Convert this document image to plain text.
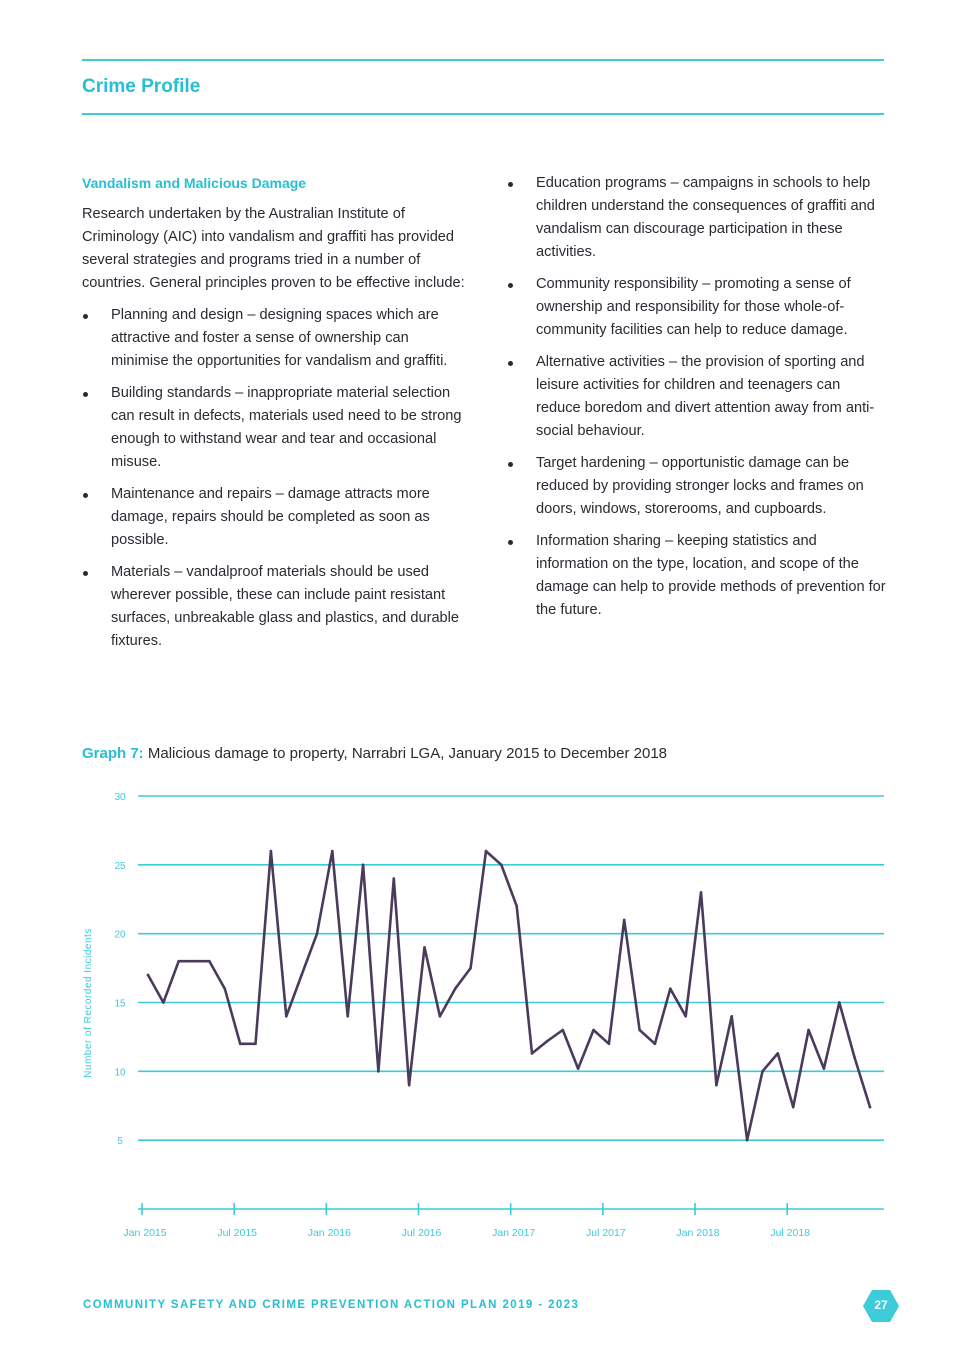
Crime Profile
Vandalism and Malicious Damage

Research undertaken by the Australian Institute of Criminology (AIC) into vandalism and graffiti has provided several strategies and programs tried in a number of countries. General principles proven to be effective include:

Planning and design – designing spaces which are attractive and foster a sense of ownership can minimise the opportunities for vandalism and graffiti.
Building standards – inappropriate material selection can result in defects, materials used need to be strong enough to withstand wear and tear and occasional misuse.
Maintenance and repairs – damage attracts more damage, repairs should be completed as soon as possible.
Materials – vandalproof materials should be used wherever possible, these can include paint resistant surfaces, unbreakable glass and plastics, and durable fixtures.
Education programs – campaigns in schools to help children understand the consequences of graffiti and vandalism can discourage participation in these activities.
Community responsibility – promoting a sense of ownership and responsibility for those whole-of-community facilities can help to reduce damage.
Alternative activities – the provision of sporting and leisure activities for children and teenagers can reduce boredom and divert attention away from anti-social behaviour.
Target hardening – opportunistic damage can be reduced by providing stronger locks and frames on doors, windows, storerooms, and cupboards.
Information sharing – keeping statistics and information on the type, location, and scope of the damage can help to provide methods of prevention for the future.
Graph 7: Malicious damage to property, Narrabri LGA, January 2015 to December 2018
5
10
15
20
25
30
Jan 2015	Jul 2015	Jan 2016	Jul 2016	Jan 2017	Jul 2017	Jan 2018	Jul 2018
Number of Recorded Incidents
COMMUNITY SAFETY AND CRIME PREVENTION ACTION PLAN 2019 - 2023	27
